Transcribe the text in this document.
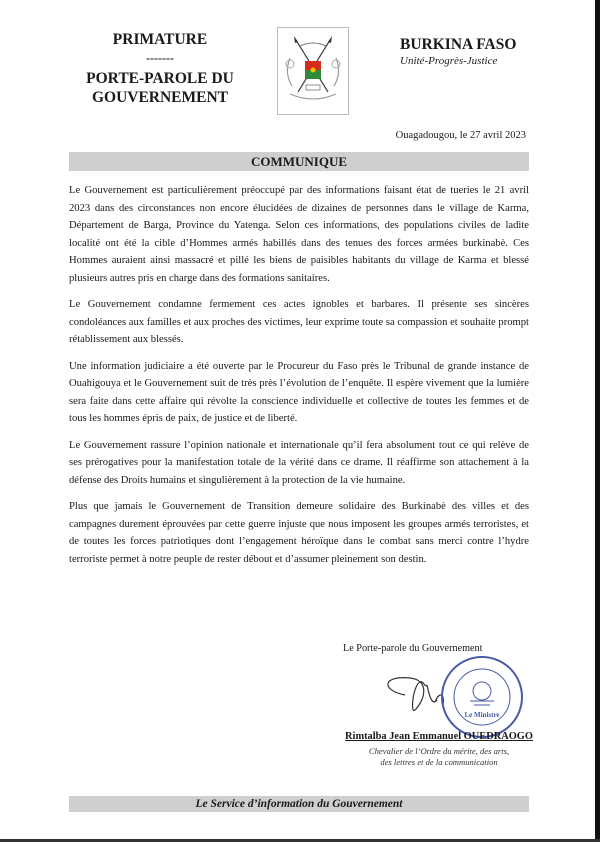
PRIMATURE
-------
PORTE-PAROLE DU
GOUVERNEMENT
BURKINA FASO
Unité-Progrès-Justice
Ouagadougou, le 27 avril 2023
COMMUNIQUE

Le Gouvernement est particulièrement préoccupé par des informations faisant état de tueries le 21 avril 2023 dans des circonstances non encore élucidées de dizaines de personnes dans le village de Karma, Département de Barga, Province du Yatenga. Selon ces informations, des populations civiles de ladite localité ont été la cible d’Hommes armés habillés dans des tenues des forces armées burkinabè. Ces Hommes auraient ainsi massacré et pillé les biens de paisibles habitants du village de Karma et blessé plusieurs autres pris en charge dans des formations sanitaires.

Le Gouvernement condamne fermement ces actes ignobles et barbares. Il présente ses sincères condoléances aux familles et aux proches des victimes, leur exprime toute sa compassion et souhaite prompt rétablissement aux blessés.

Une information judiciaire a été ouverte par le Procureur du Faso près le Tribunal de grande instance de Ouahigouya et le Gouvernement suit de très près l’évolution de l’enquête. Il espère vivement que la lumière sera faite dans cette affaire qui révolte la conscience individuelle et collective de toutes les femmes et de tous les hommes épris de paix, de justice et de liberté.

Le Gouvernement rassure l’opinion nationale et internationale qu’il fera absolument tout ce qui relève de ses prérogatives pour la manifestation totale de la vérité dans ce drame. Il réaffirme son attachement à la défense des Droits humains et singulièrement à la protection de la vie humaine.

Plus que jamais le Gouvernement de Transition demeure solidaire des Burkinabè des villes et des campagnes durement éprouvées par cette guerre injuste que nous imposent les groupes armés terroristes, et de toutes les forces patriotiques dont l’engagement héroïque dans le combat sans merci contre l’hydre terroriste permet à notre peuple de rester débout et d’assumer pleinement son destin.

Le Porte-parole du Gouvernement
Le Ministre
Rimtalba Jean Emmanuel OUEDRAOGO
Chevalier de l’Ordre du mérite, des arts,
des lettres et de la communication
Le Service d’information du Gouvernement
